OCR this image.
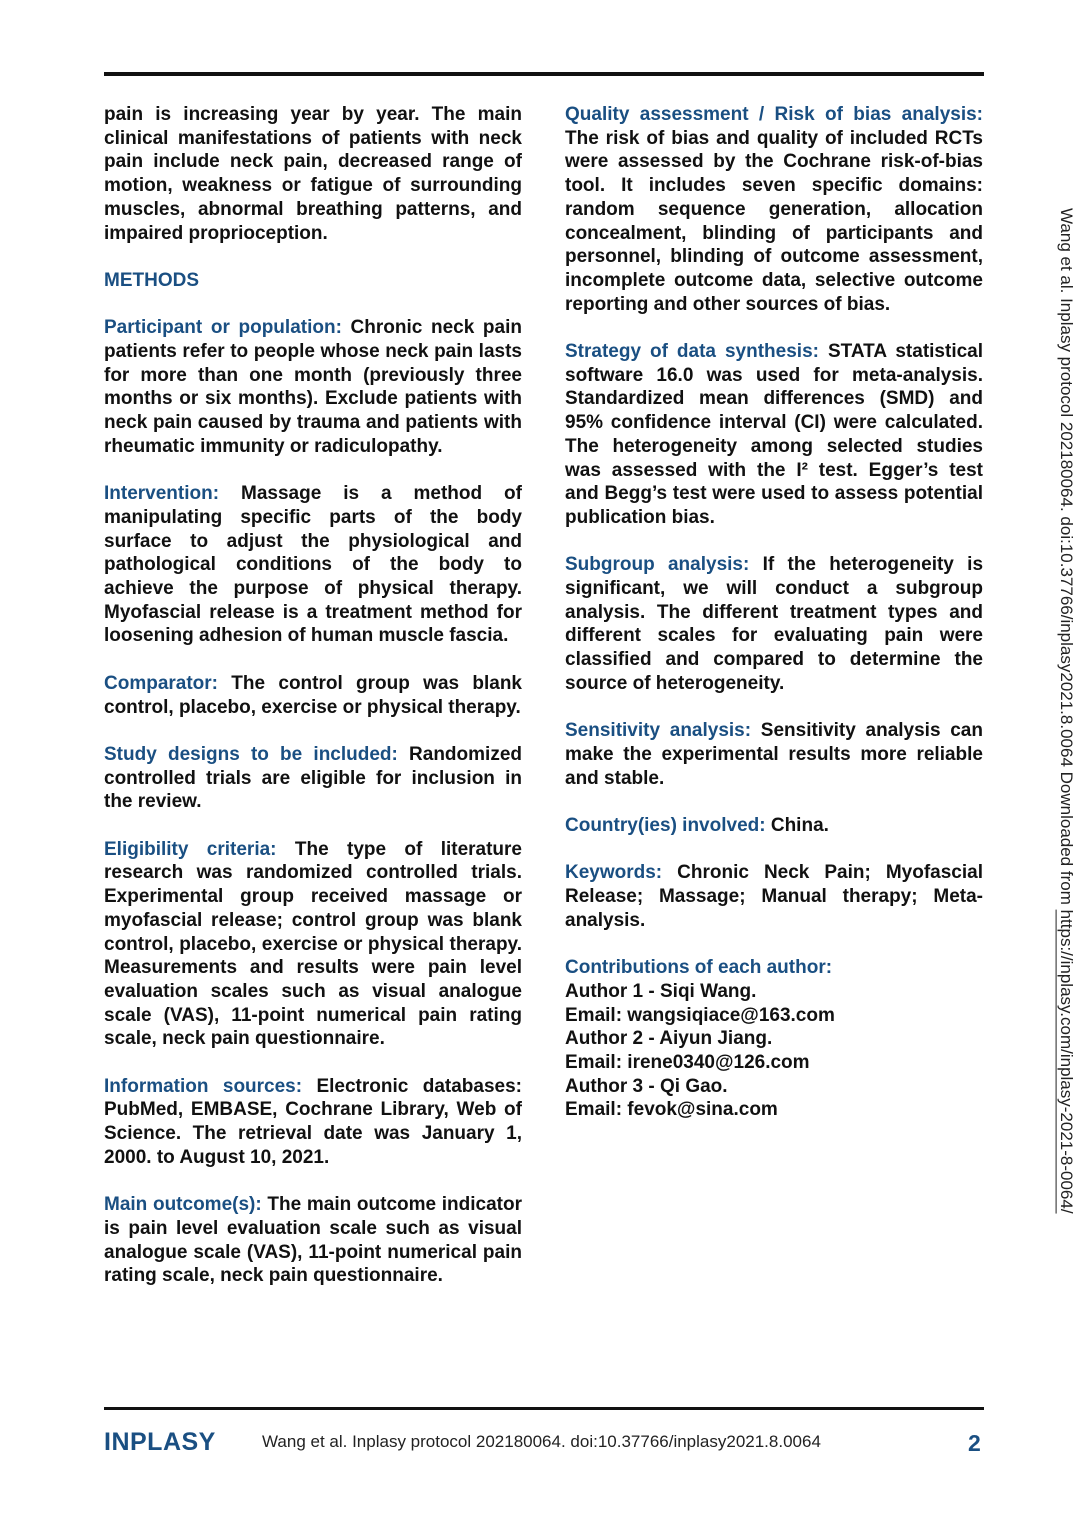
pain is increasing year by year. The main clinical manifestations of patients with neck pain include neck pain, decreased range of motion, weakness or fatigue of surrounding muscles, abnormal breathing patterns, and impaired proprioception.

METHODS

Participant or population: Chronic neck pain patients refer to people whose neck pain lasts for more than one month (previously three months or six months). Exclude patients with neck pain caused by trauma and patients with rheumatic immunity or radiculopathy.

Intervention: Massage is a method of manipulating specific parts of the body surface to adjust the physiological and pathological conditions of the body to achieve the purpose of physical therapy. Myofascial release is a treatment method for loosening adhesion of human muscle fascia.

Comparator: The control group was blank control, placebo, exercise or physical therapy.

Study designs to be included: Randomized controlled trials are eligible for inclusion in the review.

Eligibility criteria: The type of literature research was randomized controlled trials. Experimental group received massage or myofascial release; control group was blank control, placebo, exercise or physical therapy. Measurements and results were pain level evaluation scales such as visual analogue scale (VAS), 11-point numerical pain rating scale, neck pain questionnaire.

Information sources: Electronic databases: PubMed, EMBASE, Cochrane Library, Web of Science. The retrieval date was January 1, 2000. to August 10, 2021.

Main outcome(s): The main outcome indicator is pain level evaluation scale such as visual analogue scale (VAS), 11-point numerical pain rating scale, neck pain questionnaire.

Quality assessment / Risk of bias analysis: The risk of bias and quality of included RCTs were assessed by the Cochrane risk-of-bias tool. It includes seven specific domains: random sequence generation, allocation concealment, blinding of participants and personnel, blinding of outcome assessment, incomplete outcome data, selective outcome reporting and other sources of bias.

Strategy of data synthesis: STATA statistical software 16.0 was used for meta-analysis. Standardized mean differences (SMD) and 95% confidence interval (CI) were calculated. The heterogeneity among selected studies was assessed with the I² test. Egger’s test and Begg’s test were used to assess potential publication bias.

Subgroup analysis: If the heterogeneity is significant, we will conduct a subgroup analysis. The different treatment types and different scales for evaluating pain were classified and compared to determine the source of heterogeneity.

Sensitivity analysis: Sensitivity analysis can make the experimental results more reliable and stable.

Country(ies) involved: China.

Keywords: Chronic Neck Pain; Myofascial Release; Massage; Manual therapy; Meta-analysis.

Contributions of each author:
Author 1 - Siqi Wang.
Email: wangsiqiace@163.com
Author 2 - Aiyun Jiang.
Email: irene0340@126.com
Author 3 - Qi Gao.
Email: fevok@sina.com
Wang et al. Inplasy protocol 202180064. doi:10.37766/inplasy2021.8.0064 Downloaded from https://inplasy.com/inplasy-2021-8-0064/
INPLASY	Wang et al. Inplasy protocol 202180064. doi:10.37766/inplasy2021.8.0064	2
